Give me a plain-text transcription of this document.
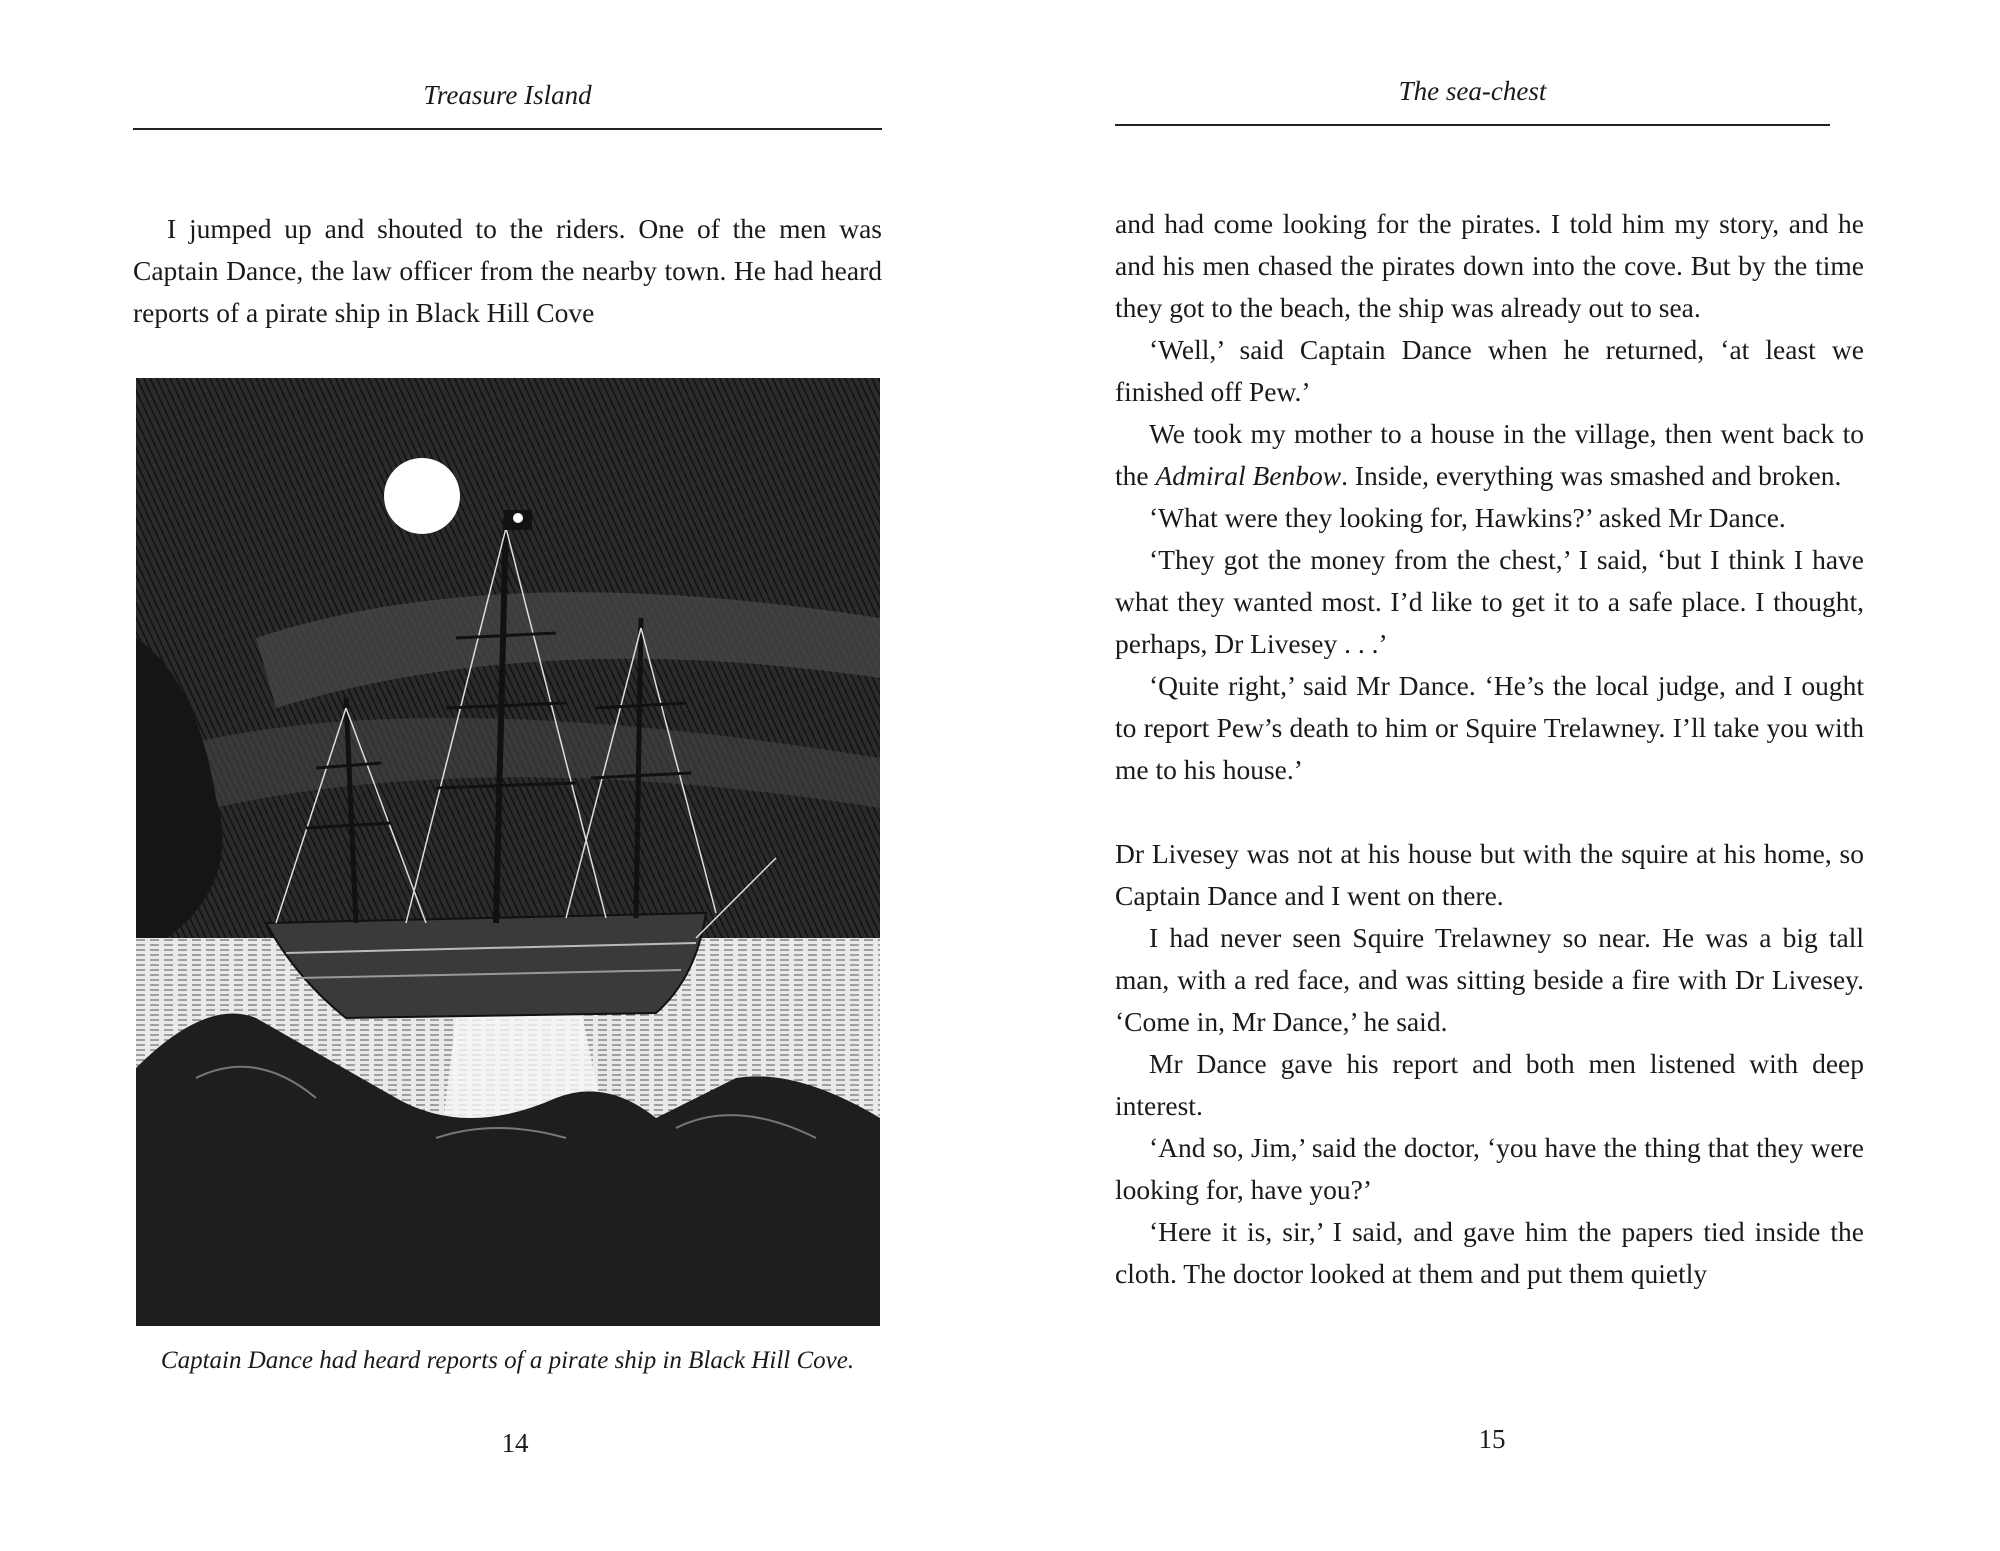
Treasure Island

I jumped up and shouted to the riders. One of the men was Captain Dance, the law officer from the nearby town. He had heard reports of a pirate ship in Black Hill Cove

Captain Dance had heard reports of a pirate ship in Black Hill Cove.
14
The sea-chest

and had come looking for the pirates. I told him my story, and he and his men chased the pirates down into the cove. But by the time they got to the beach, the ship was already out to sea.

‘Well,’ said Captain Dance when he returned, ‘at least we finished off Pew.’

We took my mother to a house in the village, then went back to the Admiral Benbow. Inside, everything was smashed and broken.

‘What were they looking for, Hawkins?’ asked Mr Dance.

‘They got the money from the chest,’ I said, ‘but I think I have what they wanted most. I’d like to get it to a safe place. I thought, perhaps, Dr Livesey . . .’

‘Quite right,’ said Mr Dance. ‘He’s the local judge, and I ought to report Pew’s death to him or Squire Trelawney. I’ll take you with me to his house.’

Dr Livesey was not at his house but with the squire at his home, so Captain Dance and I went on there.

I had never seen Squire Trelawney so near. He was a big tall man, with a red face, and was sitting beside a fire with Dr Livesey. ‘Come in, Mr Dance,’ he said.

Mr Dance gave his report and both men listened with deep interest.

‘And so, Jim,’ said the doctor, ‘you have the thing that they were looking for, have you?’

‘Here it is, sir,’ I said, and gave him the papers tied inside the cloth. The doctor looked at them and put them quietly

15
